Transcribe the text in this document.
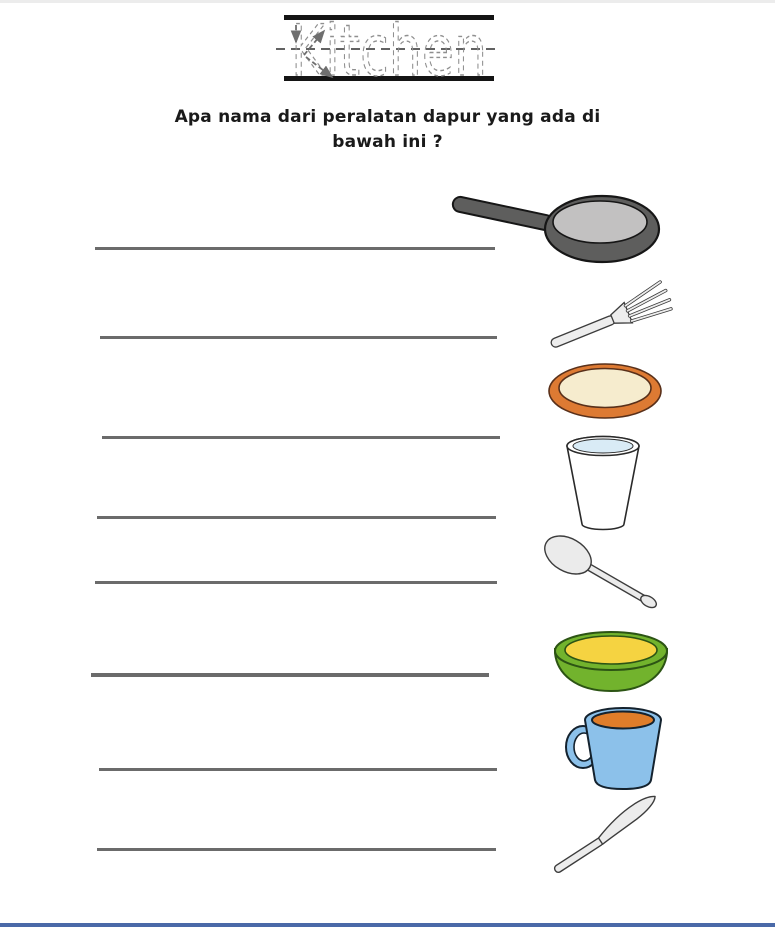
Kitchen
Apa nama dari peralatan dapur yang ada di
bawah ini ?
